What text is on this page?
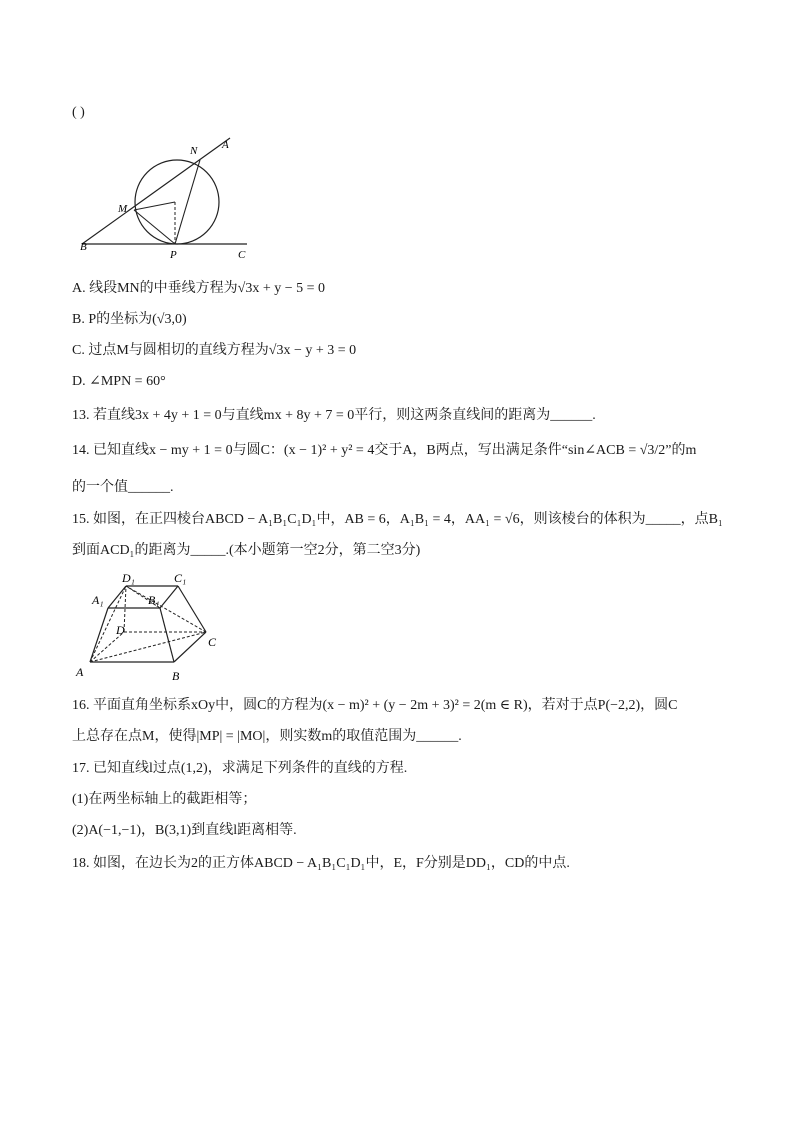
( )
N A
M
B
P	C
A. 线段MN的中垂线方程为√3x + y − 5 = 0
B. P的坐标为(√3,0)
C. 过点M与圆相切的直线方程为√3x − y + 3 = 0
D. ∠MPN = 60°
13. 若直线3x + 4y + 1 = 0与直线mx + 8y + 7 = 0平行，则这两条直线间的距离为______.
14. 已知直线x − my + 1 = 0与圆C：(x − 1)² + y² = 4交于A，B两点，写出满足条件“sin∠ACB = √3/2”的m
的一个值______.
15. 如图，在正四棱台ABCD − A₁B₁C₁D₁中，AB = 6，A₁B₁ = 4，AA₁ = √6，则该棱台的体积为_____，点B₁
到面ACD₁的距离为_____.(本小题第一空2分，第二空3分)
D₁	C₁
A₁	B₁
D
C
A	B
16. 平面直角坐标系xOy中，圆C的方程为(x − m)² + (y − 2m + 3)² = 2(m ∈ R)，若对于点P(−2,2)，圆C
上总存在点M，使得|MP| = |MO|，则实数m的取值范围为______.
17. 已知直线l过点(1,2)，求满足下列条件的直线的方程.
(1)在两坐标轴上的截距相等；
(2)A(−1,−1)，B(3,1)到直线l距离相等.
18. 如图，在边长为2的正方体ABCD − A₁B₁C₁D₁中，E，F分别是DD₁，CD的中点.
